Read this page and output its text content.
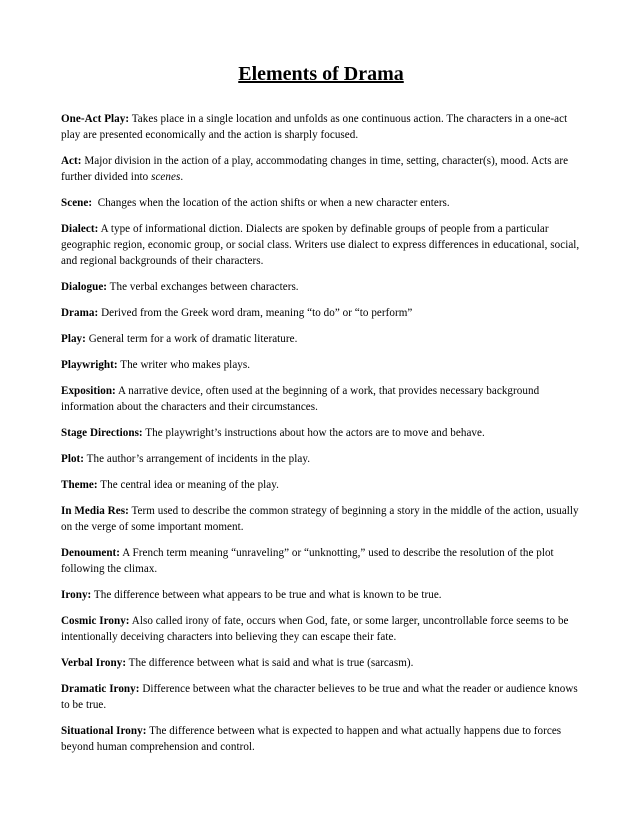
Elements of Drama

One-Act Play: Takes place in a single location and unfolds as one continuous action. The characters in a one-act play are presented economically and the action is sharply focused.

Act: Major division in the action of a play, accommodating changes in time, setting, character(s), mood. Acts are further divided into scenes.

Scene:  Changes when the location of the action shifts or when a new character enters.

Dialect: A type of informational diction. Dialects are spoken by definable groups of people from a particular geographic region, economic group, or social class. Writers use dialect to express differences in educational, social, and regional backgrounds of their characters.

Dialogue: The verbal exchanges between characters.

Drama: Derived from the Greek word dram, meaning “to do” or “to perform”

Play: General term for a work of dramatic literature.

Playwright: The writer who makes plays.

Exposition: A narrative device, often used at the beginning of a work, that provides necessary background information about the characters and their circumstances.

Stage Directions: The playwright’s instructions about how the actors are to move and behave.

Plot: The author’s arrangement of incidents in the play.

Theme: The central idea or meaning of the play.

In Media Res: Term used to describe the common strategy of beginning a story in the middle of the action, usually on the verge of some important moment.

Denoument: A French term meaning “unraveling” or “unknotting,” used to describe the resolution of the plot following the climax.

Irony: The difference between what appears to be true and what is known to be true.

Cosmic Irony: Also called irony of fate, occurs when God, fate, or some larger, uncontrollable force seems to be intentionally deceiving characters into believing they can escape their fate.

Verbal Irony: The difference between what is said and what is true (sarcasm).

Dramatic Irony: Difference between what the character believes to be true and what the reader or audience knows to be true.

Situational Irony: The difference between what is expected to happen and what actually happens due to forces beyond human comprehension and control.
